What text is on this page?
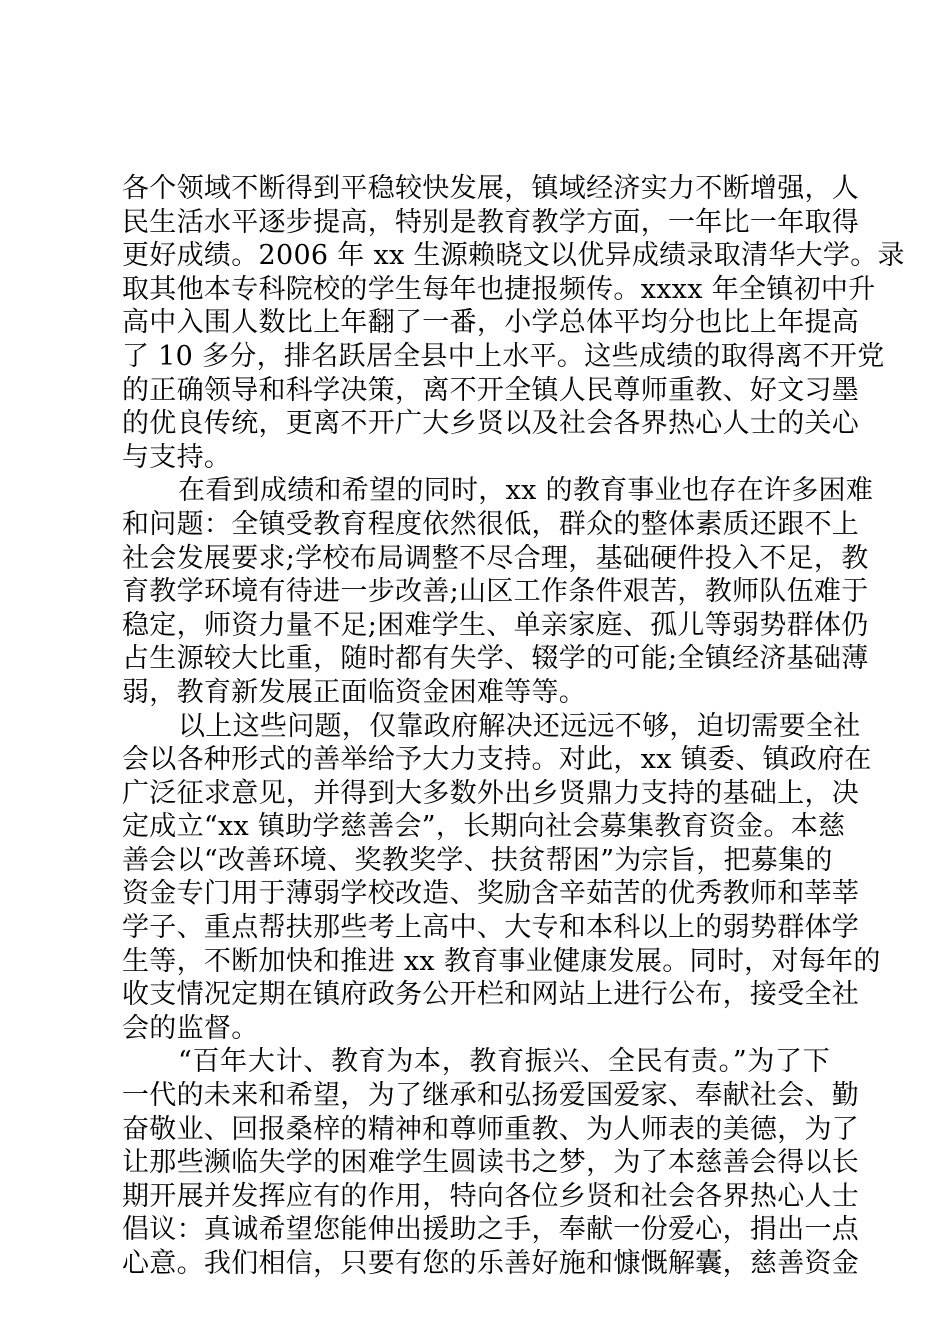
各个领域不断得到平稳较快发展，镇域经济实力不断增强，人
民生活水平逐步提高，特别是教育教学方面，一年比一年取得
更好成绩。2006 年 xx 生源赖晓文以优异成绩录取清华大学。录
取其他本专科院校的学生每年也捷报频传。xxxx 年全镇初中升
高中入围人数比上年翻了一番，小学总体平均分也比上年提高
了 10 多分，排名跃居全县中上水平。这些成绩的取得离不开党
的正确领导和科学决策，离不开全镇人民尊师重教、好文习墨
的优良传统，更离不开广大乡贤以及社会各界热心人士的关心
与支持。
在看到成绩和希望的同时，xx 的教育事业也存在许多困难
和问题：全镇受教育程度依然很低，群众的整体素质还跟不上
社会发展要求;学校布局调整不尽合理，基础硬件投入不足，教
育教学环境有待进一步改善;山区工作条件艰苦，教师队伍难于
稳定，师资力量不足;困难学生、单亲家庭、孤儿等弱势群体仍
占生源较大比重，随时都有失学、辍学的可能;全镇经济基础薄
弱，教育新发展正面临资金困难等等。
以上这些问题，仅靠政府解决还远远不够，迫切需要全社
会以各种形式的善举给予大力支持。对此，xx 镇委、镇政府在
广泛征求意见，并得到大多数外出乡贤鼎力支持的基础上，决
定成立“xx 镇助学慈善会”，长期向社会募集教育资金。本慈
善会以“改善环境、奖教奖学、扶贫帮困”为宗旨，把募集的
资金专门用于薄弱学校改造、奖励含辛茹苦的优秀教师和莘莘
学子、重点帮扶那些考上高中、大专和本科以上的弱势群体学
生等，不断加快和推进 xx 教育事业健康发展。同时，对每年的
收支情况定期在镇府政务公开栏和网站上进行公布，接受全社
会的监督。
“百年大计、教育为本，教育振兴、全民有责。”为了下
一代的未来和希望，为了继承和弘扬爱国爱家、奉献社会、勤
奋敬业、回报桑梓的精神和尊师重教、为人师表的美德，为了
让那些濒临失学的困难学生圆读书之梦，为了本慈善会得以长
期开展并发挥应有的作用，特向各位乡贤和社会各界热心人士
倡议：真诚希望您能伸出援助之手，奉献一份爱心，捐出一点
心意。我们相信，只要有您的乐善好施和慷慨解囊，慈善资金
